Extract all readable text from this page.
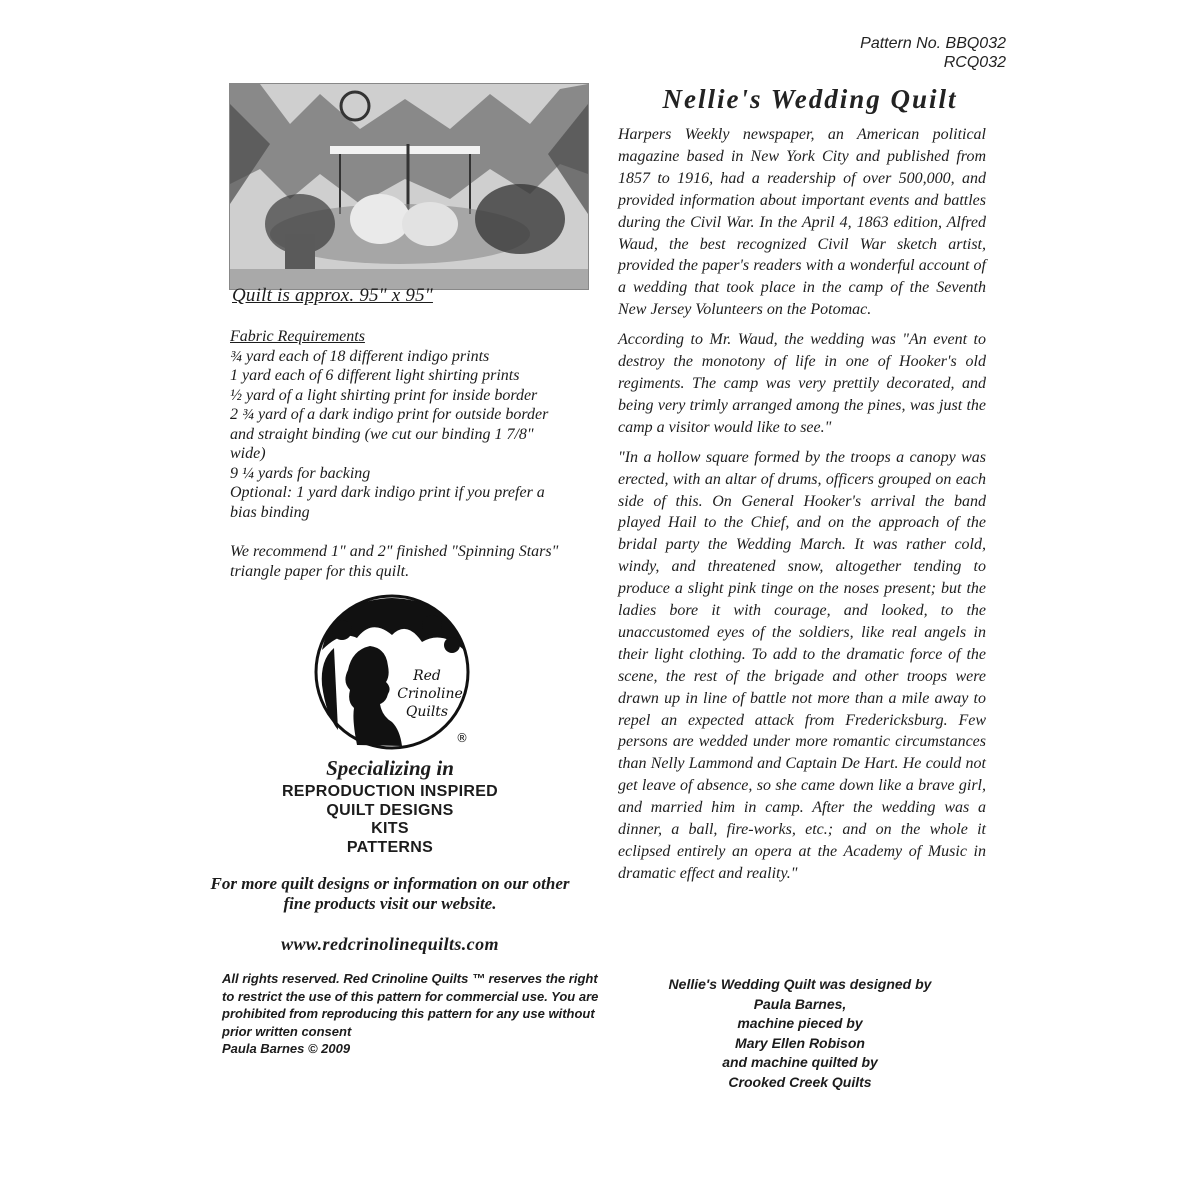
Pattern No. BBQ032
RCQ032
Quilt is approx. 95" x 95"
Fabric Requirements
¾ yard each of 18 different indigo prints
1 yard each of 6 different light shirting prints
½ yard of a light shirting print for inside border
2 ¾ yard of a dark indigo print for outside border
and straight binding (we cut our binding 1 7/8"
wide)
9 ¼ yards for backing
Optional: 1 yard dark indigo print if you prefer a
bias binding
We recommend 1" and 2" finished "Spinning Stars" triangle paper for this quilt.
Red
Crinoline
Quilts
®
Specializing in
REPRODUCTION INSPIRED
QUILT DESIGNS
KITS
PATTERNS
For more quilt designs or information on our other fine products visit our website.
www.redcrinolinequilts.com
All rights reserved. Red Crinoline Quilts ™ reserves the right to restrict the use of this pattern for commercial use. You are prohibited from reproducing this pattern for any use without prior written consent
Paula Barnes © 2009
Nellie's Wedding Quilt

Harpers Weekly newspaper, an American political magazine based in New York City and published from 1857 to 1916, had a readership of over 500,000, and provided information about important events and battles during the Civil War. In the April 4, 1863 edition, Alfred Waud, the best recognized Civil War sketch artist, provided the paper's readers with a wonderful account of a wedding that took place in the camp of the Seventh New Jersey Volunteers on the Potomac.

According to Mr. Waud, the wedding was "An event to destroy the monotony of life in one of Hooker's old regiments. The camp was very prettily decorated, and being very trimly arranged among the pines, was just the camp a visitor would like to see."

"In a hollow square formed by the troops a canopy was erected, with an altar of drums, officers grouped on each side of this. On General Hooker's arrival the band played Hail to the Chief, and on the approach of the bridal party the Wedding March. It was rather cold, windy, and threatened snow, altogether tending to produce a slight pink tinge on the noses present; but the ladies bore it with courage, and looked, to the unaccustomed eyes of the soldiers, like real angels in their light clothing. To add to the dramatic force of the scene, the rest of the brigade and other troops were drawn up in line of battle not more than a mile away to repel an expected attack from Fredericksburg. Few persons are wedded under more romantic circumstances than Nelly Lammond and Captain De Hart. He could not get leave of absence, so she came down like a brave girl, and married him in camp. After the wedding was a dinner, a ball, fire-works, etc.; and on the whole it eclipsed entirely an opera at the Academy of Music in dramatic effect and reality."

Nellie's Wedding Quilt was designed by
Paula Barnes,
machine pieced by
Mary Ellen Robison
and machine quilted by
Crooked Creek Quilts
